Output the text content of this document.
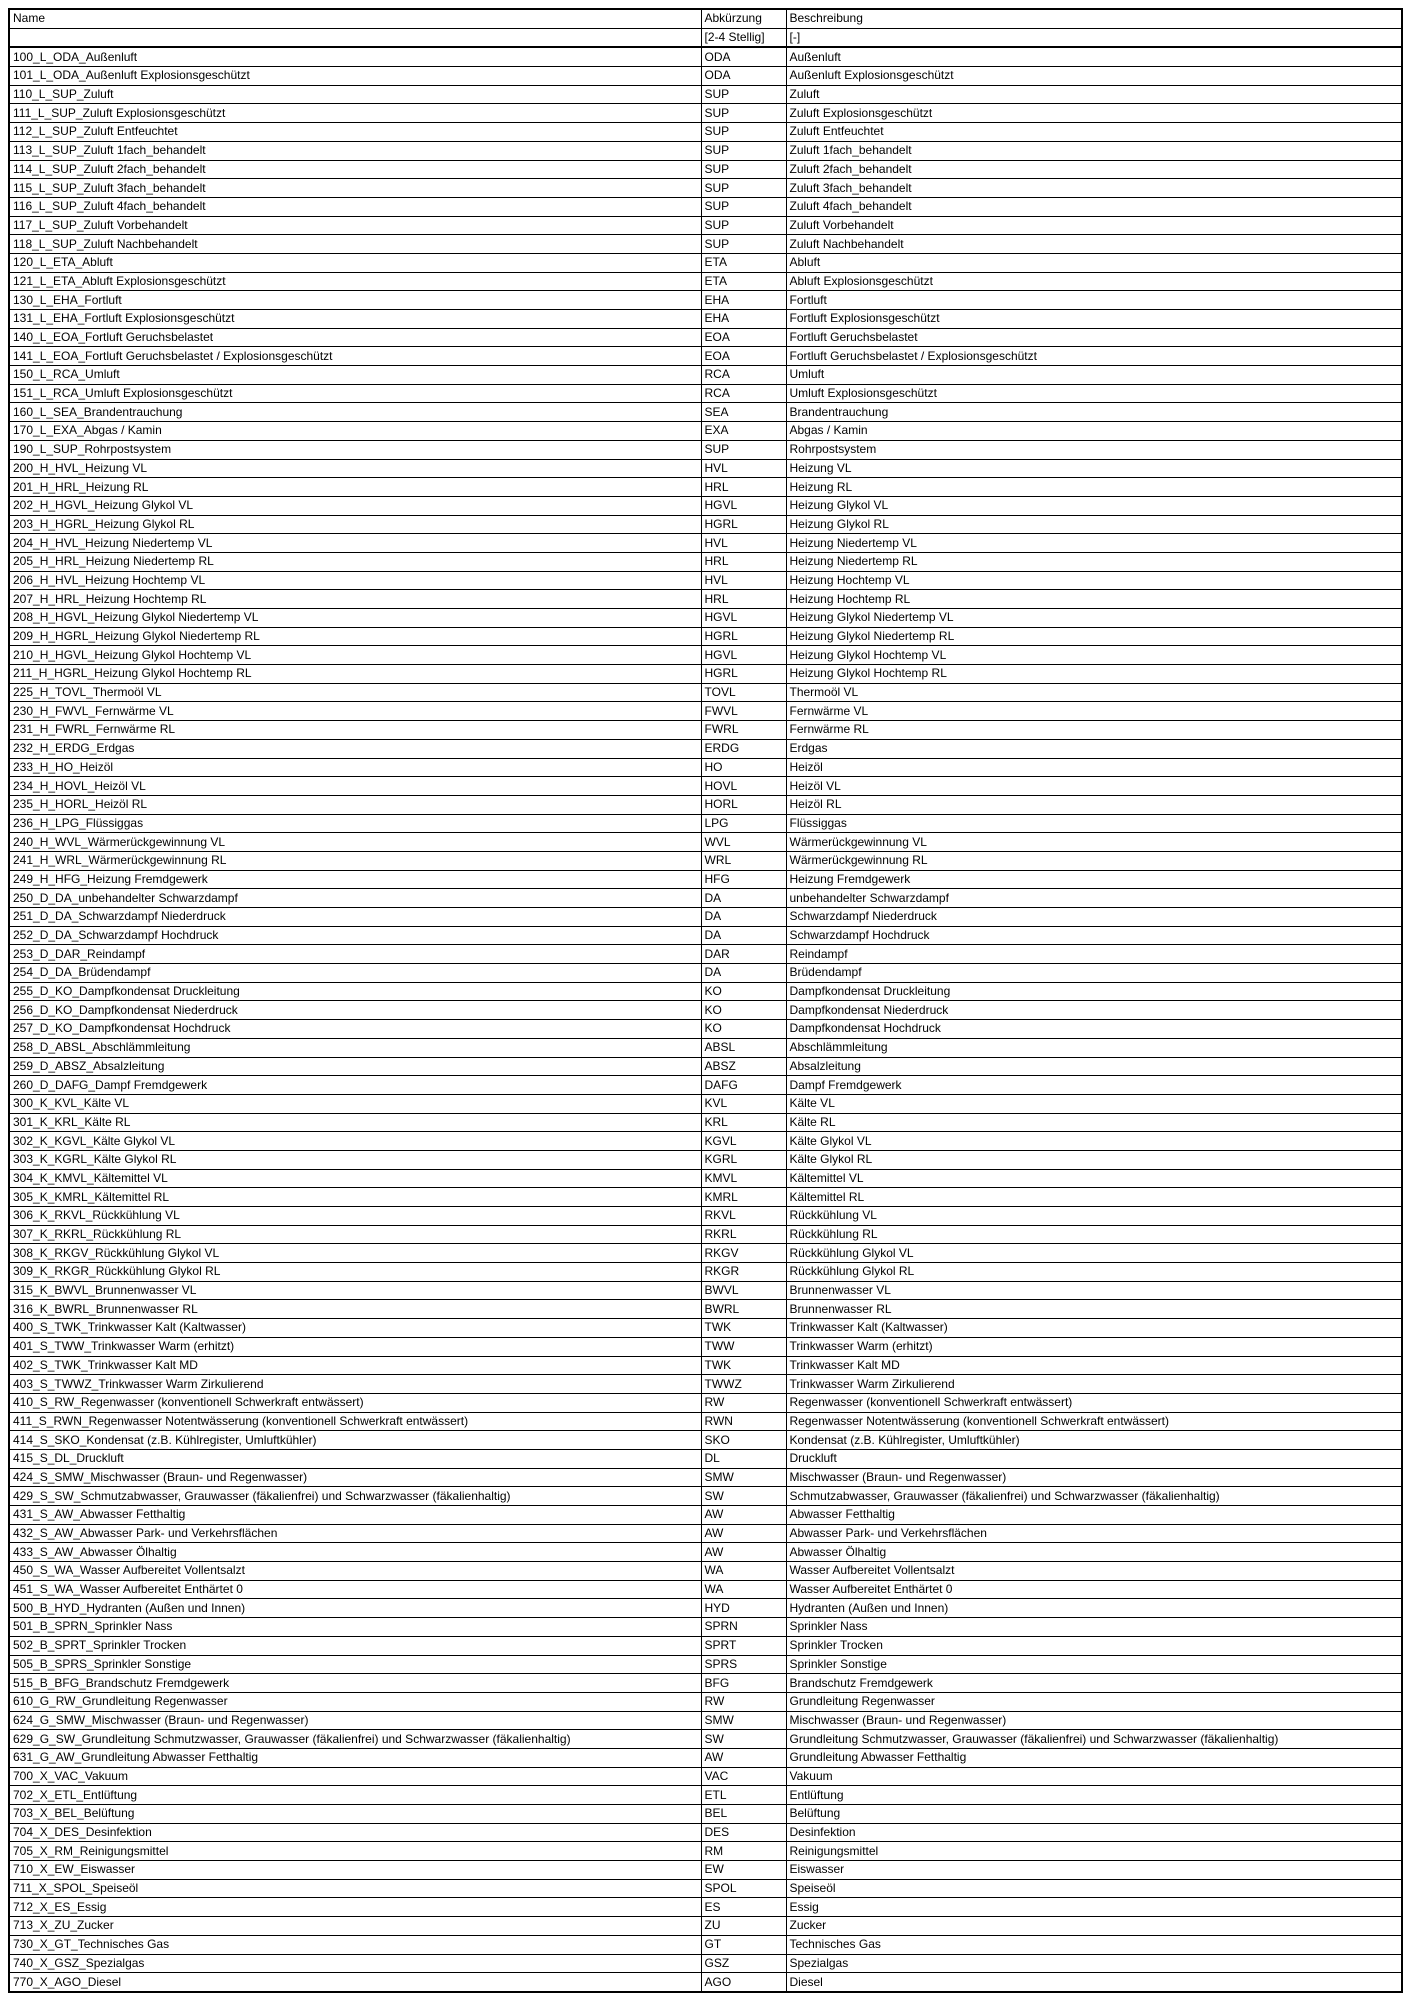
Name	Abkürzung	Beschreibung
	[2-4 Stellig]	[-]
100_L_ODA_Außenluft	ODA	Außenluft
101_L_ODA_Außenluft Explosionsgeschützt	ODA	Außenluft Explosionsgeschützt
110_L_SUP_Zuluft	SUP	Zuluft
111_L_SUP_Zuluft Explosionsgeschützt	SUP	Zuluft Explosionsgeschützt
112_L_SUP_Zuluft Entfeuchtet	SUP	Zuluft Entfeuchtet
113_L_SUP_Zuluft 1fach_behandelt	SUP	Zuluft 1fach_behandelt
114_L_SUP_Zuluft 2fach_behandelt	SUP	Zuluft 2fach_behandelt
115_L_SUP_Zuluft 3fach_behandelt	SUP	Zuluft 3fach_behandelt
116_L_SUP_Zuluft 4fach_behandelt	SUP	Zuluft 4fach_behandelt
117_L_SUP_Zuluft Vorbehandelt	SUP	Zuluft Vorbehandelt
118_L_SUP_Zuluft Nachbehandelt	SUP	Zuluft Nachbehandelt
120_L_ETA_Abluft	ETA	Abluft
121_L_ETA_Abluft Explosionsgeschützt	ETA	Abluft Explosionsgeschützt
130_L_EHA_Fortluft	EHA	Fortluft
131_L_EHA_Fortluft Explosionsgeschützt	EHA	Fortluft Explosionsgeschützt
140_L_EOA_Fortluft Geruchsbelastet	EOA	Fortluft Geruchsbelastet
141_L_EOA_Fortluft Geruchsbelastet / Explosionsgeschützt	EOA	Fortluft Geruchsbelastet / Explosionsgeschützt
150_L_RCA_Umluft	RCA	Umluft
151_L_RCA_Umluft Explosionsgeschützt	RCA	Umluft Explosionsgeschützt
160_L_SEA_Brandentrauchung	SEA	Brandentrauchung
170_L_EXA_Abgas / Kamin	EXA	Abgas / Kamin
190_L_SUP_Rohrpostsystem	SUP	Rohrpostsystem
200_H_HVL_Heizung VL	HVL	Heizung VL
201_H_HRL_Heizung RL	HRL	Heizung RL
202_H_HGVL_Heizung Glykol VL	HGVL	Heizung Glykol VL
203_H_HGRL_Heizung Glykol RL	HGRL	Heizung Glykol RL
204_H_HVL_Heizung Niedertemp VL	HVL	Heizung Niedertemp VL
205_H_HRL_Heizung Niedertemp RL	HRL	Heizung Niedertemp RL
206_H_HVL_Heizung Hochtemp VL	HVL	Heizung Hochtemp VL
207_H_HRL_Heizung Hochtemp RL	HRL	Heizung Hochtemp RL
208_H_HGVL_Heizung Glykol Niedertemp VL	HGVL	Heizung Glykol Niedertemp VL
209_H_HGRL_Heizung Glykol Niedertemp RL	HGRL	Heizung Glykol Niedertemp RL
210_H_HGVL_Heizung Glykol Hochtemp VL	HGVL	Heizung Glykol Hochtemp VL
211_H_HGRL_Heizung Glykol Hochtemp RL	HGRL	Heizung Glykol Hochtemp RL
225_H_TOVL_Thermoöl VL	TOVL	Thermoöl VL
230_H_FWVL_Fernwärme VL	FWVL	Fernwärme VL
231_H_FWRL_Fernwärme RL	FWRL	Fernwärme RL
232_H_ERDG_Erdgas	ERDG	Erdgas
233_H_HO_Heizöl	HO	Heizöl
234_H_HOVL_Heizöl VL	HOVL	Heizöl VL
235_H_HORL_Heizöl RL	HORL	Heizöl RL
236_H_LPG_Flüssiggas	LPG	Flüssiggas
240_H_WVL_Wärmerückgewinnung VL	WVL	Wärmerückgewinnung VL
241_H_WRL_Wärmerückgewinnung RL	WRL	Wärmerückgewinnung RL
249_H_HFG_Heizung Fremdgewerk	HFG	Heizung Fremdgewerk
250_D_DA_unbehandelter Schwarzdampf	DA	unbehandelter Schwarzdampf
251_D_DA_Schwarzdampf Niederdruck	DA	Schwarzdampf Niederdruck
252_D_DA_Schwarzdampf Hochdruck	DA	Schwarzdampf Hochdruck
253_D_DAR_Reindampf	DAR	Reindampf
254_D_DA_Brüdendampf	DA	Brüdendampf
255_D_KO_Dampfkondensat Druckleitung	KO	Dampfkondensat Druckleitung
256_D_KO_Dampfkondensat Niederdruck	KO	Dampfkondensat Niederdruck
257_D_KO_Dampfkondensat Hochdruck	KO	Dampfkondensat Hochdruck
258_D_ABSL_Abschlämmleitung	ABSL	Abschlämmleitung
259_D_ABSZ_Absalzleitung	ABSZ	Absalzleitung
260_D_DAFG_Dampf Fremdgewerk	DAFG	Dampf Fremdgewerk
300_K_KVL_Kälte VL	KVL	Kälte VL
301_K_KRL_Kälte RL	KRL	Kälte RL
302_K_KGVL_Kälte Glykol VL	KGVL	Kälte Glykol VL
303_K_KGRL_Kälte Glykol RL	KGRL	Kälte Glykol RL
304_K_KMVL_Kältemittel VL	KMVL	Kältemittel VL
305_K_KMRL_Kältemittel RL	KMRL	Kältemittel RL
306_K_RKVL_Rückkühlung VL	RKVL	Rückkühlung VL
307_K_RKRL_Rückkühlung RL	RKRL	Rückkühlung RL
308_K_RKGV_Rückkühlung Glykol VL	RKGV	Rückkühlung Glykol VL
309_K_RKGR_Rückkühlung Glykol RL	RKGR	Rückkühlung Glykol RL
315_K_BWVL_Brunnenwasser VL	BWVL	Brunnenwasser VL
316_K_BWRL_Brunnenwasser RL	BWRL	Brunnenwasser RL
400_S_TWK_Trinkwasser Kalt (Kaltwasser)	TWK	Trinkwasser Kalt (Kaltwasser)
401_S_TWW_Trinkwasser Warm (erhitzt)	TWW	Trinkwasser Warm (erhitzt)
402_S_TWK_Trinkwasser Kalt MD	TWK	Trinkwasser Kalt MD
403_S_TWWZ_Trinkwasser Warm Zirkulierend	TWWZ	Trinkwasser Warm Zirkulierend
410_S_RW_Regenwasser (konventionell Schwerkraft entwässert)	RW	Regenwasser (konventionell Schwerkraft entwässert)
411_S_RWN_Regenwasser Notentwässerung (konventionell Schwerkraft entwässert)	RWN	Regenwasser Notentwässerung (konventionell Schwerkraft entwässert)
414_S_SKO_Kondensat (z.B. Kühlregister, Umluftkühler)	SKO	Kondensat (z.B. Kühlregister, Umluftkühler)
415_S_DL_Druckluft	DL	Druckluft
424_S_SMW_Mischwasser (Braun- und Regenwasser)	SMW	Mischwasser (Braun- und Regenwasser)
429_S_SW_Schmutzabwasser, Grauwasser (fäkalienfrei) und Schwarzwasser (fäkalienhaltig)	SW	Schmutzabwasser, Grauwasser (fäkalienfrei) und Schwarzwasser (fäkalienhaltig)
431_S_AW_Abwasser Fetthaltig	AW	Abwasser Fetthaltig
432_S_AW_Abwasser Park- und Verkehrsflächen	AW	Abwasser Park- und Verkehrsflächen
433_S_AW_Abwasser Ölhaltig	AW	Abwasser Ölhaltig
450_S_WA_Wasser Aufbereitet Vollentsalzt	WA	Wasser Aufbereitet Vollentsalzt
451_S_WA_Wasser Aufbereitet Enthärtet 0	WA	Wasser Aufbereitet Enthärtet 0
500_B_HYD_Hydranten (Außen und Innen)	HYD	Hydranten (Außen und Innen)
501_B_SPRN_Sprinkler Nass	SPRN	Sprinkler Nass
502_B_SPRT_Sprinkler Trocken	SPRT	Sprinkler Trocken
505_B_SPRS_Sprinkler Sonstige	SPRS	Sprinkler Sonstige
515_B_BFG_Brandschutz Fremdgewerk	BFG	Brandschutz Fremdgewerk
610_G_RW_Grundleitung Regenwasser	RW	Grundleitung Regenwasser
624_G_SMW_Mischwasser (Braun- und Regenwasser)	SMW	Mischwasser (Braun- und Regenwasser)
629_G_SW_Grundleitung Schmutzwasser, Grauwasser (fäkalienfrei) und Schwarzwasser (fäkalienhaltig)	SW	Grundleitung Schmutzwasser, Grauwasser (fäkalienfrei) und Schwarzwasser (fäkalienhaltig)
631_G_AW_Grundleitung Abwasser Fetthaltig	AW	Grundleitung Abwasser Fetthaltig
700_X_VAC_Vakuum	VAC	Vakuum
702_X_ETL_Entlüftung	ETL	Entlüftung
703_X_BEL_Belüftung	BEL	Belüftung
704_X_DES_Desinfektion	DES	Desinfektion
705_X_RM_Reinigungsmittel	RM	Reinigungsmittel
710_X_EW_Eiswasser	EW	Eiswasser
711_X_SPOL_Speiseöl	SPOL	Speiseöl
712_X_ES_Essig	ES	Essig
713_X_ZU_Zucker	ZU	Zucker
730_X_GT_Technisches Gas	GT	Technisches Gas
740_X_GSZ_Spezialgas	GSZ	Spezialgas
770_X_AGO_Diesel	AGO	Diesel
